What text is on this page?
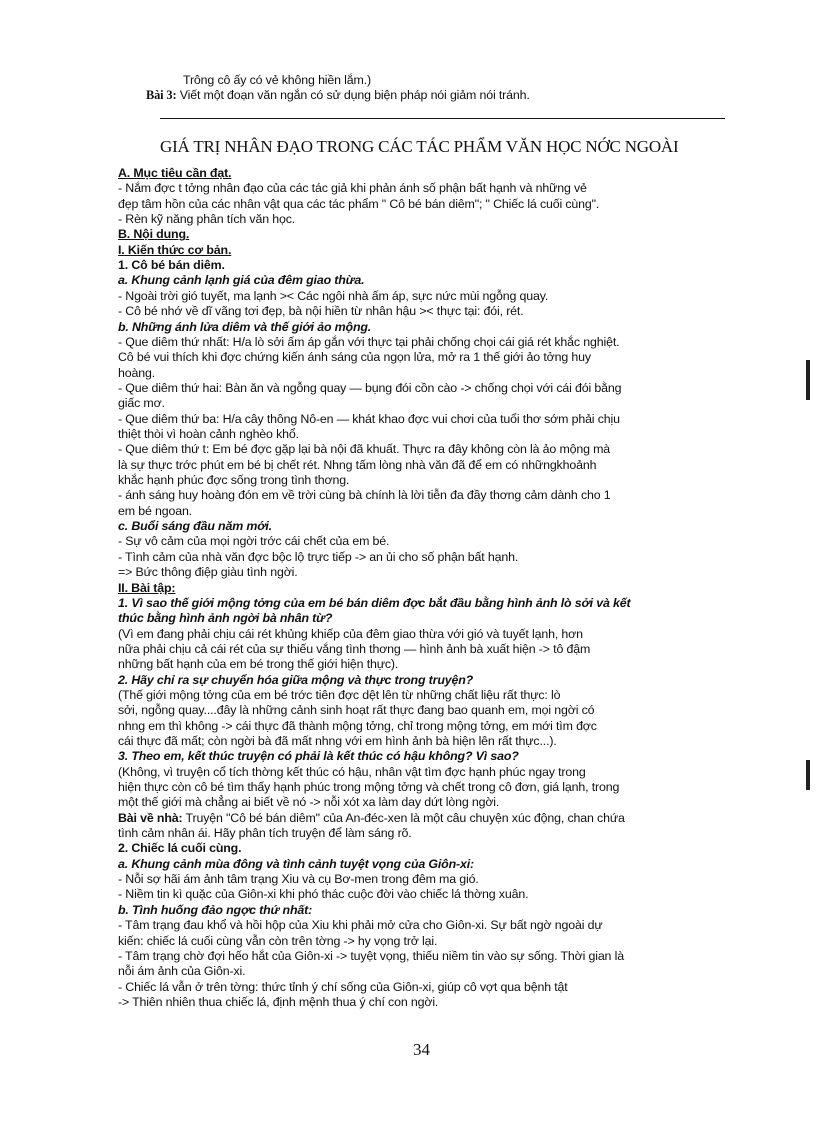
Trông cô ấy có vẻ không hiền lắm.)
Bài 3: Viết một đoạn văn ngắn có sử dụng biện pháp nói giảm nói tránh.
GIÁ TRỊ NHÂN ĐẠO TRONG CÁC TÁC PHẨM VĂN HỌC NỚC NGOÀI
A. Mục tiêu cần đạt.
- Nắm đợc t tởng nhân đạo của các tác giả khi phản ánh số phận bất hạnh và những vẻ
đẹp tâm hồn của các nhân vật qua các tác phẩm " Cô bé bán diêm"; " Chiếc lá cuối cùng".
- Rèn kỹ năng phân tích văn học.
B. Nội dung.
I. Kiến thức cơ bản.
1. Cô bé bán diêm.
a. Khung cảnh lạnh giá của đêm giao thừa.
- Ngoài trời gió tuyết, ma lạnh >< Các ngôi nhà ấm áp, sực nức mùi ngỗng quay.
- Cô bé nhớ về dĩ vãng tơi đẹp, bà nội hiền từ nhân hậu >< thực tại: đói, rét.
b. Những ánh lửa diêm và thế giới ảo mộng.
- Que diêm thứ nhất: H/a lò sởi ấm áp gắn với thực tại phải chống chọi cái giá rét khắc nghiệt.
Cô bé vui thích khi đợc chứng kiến ánh sáng của ngọn lửa, mở ra 1 thế giới ảo tởng huy
hoàng.
- Que diêm thứ hai: Bàn ăn và ngỗng quay — bụng đói cồn cào -> chống chọi với cái đói bằng
giấc mơ.
- Que diêm thứ ba: H/a cây thông Nô-en — khát khao đợc vui chơi của tuổi thơ sớm phải chịu
thiệt thòi vì hoàn cảnh nghèo khổ.
- Que diêm thứ t: Em bé đợc gặp lại bà nội đã khuất. Thực ra đây không còn là ảo mộng mà
là sự thực trớc phút em bé bị chết rét. Nhng tấm lòng nhà văn đã để em có nhữngkhoảnh
khắc hạnh phúc đợc sống trong tình thơng.
- ánh sáng huy hoàng đón em về trời cùng bà chính là lời tiễn đa đầy thơng cảm dành cho 1
em bé ngoan.
c. Buổi sáng đầu năm mới.
- Sự vô cảm của mọi ngời trớc cái chết của em bé.
- Tình cảm của nhà văn đợc bộc lộ trực tiếp -> an ủi cho số phận bất hạnh.
=> Bức thông điệp giàu tình ngời.
II. Bài tập:
1. Vì sao thế giới mộng tởng của em bé bán diêm đợc bắt đầu bằng hình ảnh lò sởi và kết
thúc bằng hình ảnh ngời bà nhân từ?
(Vì em đang phải chịu cái rét khủng khiếp của đêm giao thừa với gió và tuyết lạnh, hơn
nữa phải chịu cả cái rét của sự thiếu vắng tình thơng — hình ảnh bà xuất hiện -> tô đậm
những bất hạnh của em bé trong thế giới hiện thực).
2. Hãy chỉ ra sự chuyển hóa giữa mộng và thực trong truyện?
(Thế giới mộng tởng của em bé trớc tiên đợc dệt lên từ những chất liệu rất thực: lò
sởi, ngỗng quay....đây là những cảnh sinh hoạt rất thực đang bao quanh em, mọi ngời có
nhng em thì không -> cái thực đã thành mộng tởng, chỉ trong mộng tởng, em mới tìm đợc
cái thực đã mất; còn ngời bà đã mất nhng với em hình ảnh bà hiện lên rất thực...).
3. Theo em, kết thúc truyện có phải là kết thúc có hậu không? Vì sao?
(Không, vì truyện cổ tích thờng kết thúc có hậu, nhân vật tìm đợc hạnh phúc ngay trong
hiện thực còn cô bé tìm thấy hạnh phúc trong mộng tởng và chết trong cô đơn, giá lạnh, trong
một thế giới mà chẳng ai biết về nó -> nỗi xót xa làm day dứt lòng ngời.
Bài về nhà: Truyện "Cô bé bán diêm" của An-đéc-xen là một câu chuyện xúc động, chan chứa
tình cảm nhân ái. Hãy phân tích truyện để làm sáng rõ.
2. Chiếc lá cuối cùng.
a. Khung cảnh mùa đông và tình cảnh tuyệt vọng của Giôn-xi:
- Nỗi sợ hãi ám ảnh tâm trạng Xiu và cụ Bơ-men trong đêm ma gió.
- Niềm tin kì quặc của Giôn-xi khi phó thác cuộc đời vào chiếc lá thờng xuân.
b. Tình huống đảo ngợc thứ nhất:
- Tâm trạng đau khổ và hồi hộp của Xiu khi phải mở cửa cho Giôn-xi. Sự bất ngờ ngoài dự
kiến: chiếc lá cuối cùng vẫn còn trên tờng -> hy vọng trở lại.
- Tâm trạng chờ đợi hếo hắt của Giôn-xi -> tuyệt vọng, thiếu niềm tin vào sự sống. Thời gian là
nỗi ám ảnh của Giôn-xi.
- Chiếc lá vẫn ở trên tờng: thức tỉnh ý chí sống của Giôn-xi, giúp cô vợt qua bệnh tật
-> Thiên nhiên thua chiếc lá, định mệnh thua ý chí con ngời.
34
